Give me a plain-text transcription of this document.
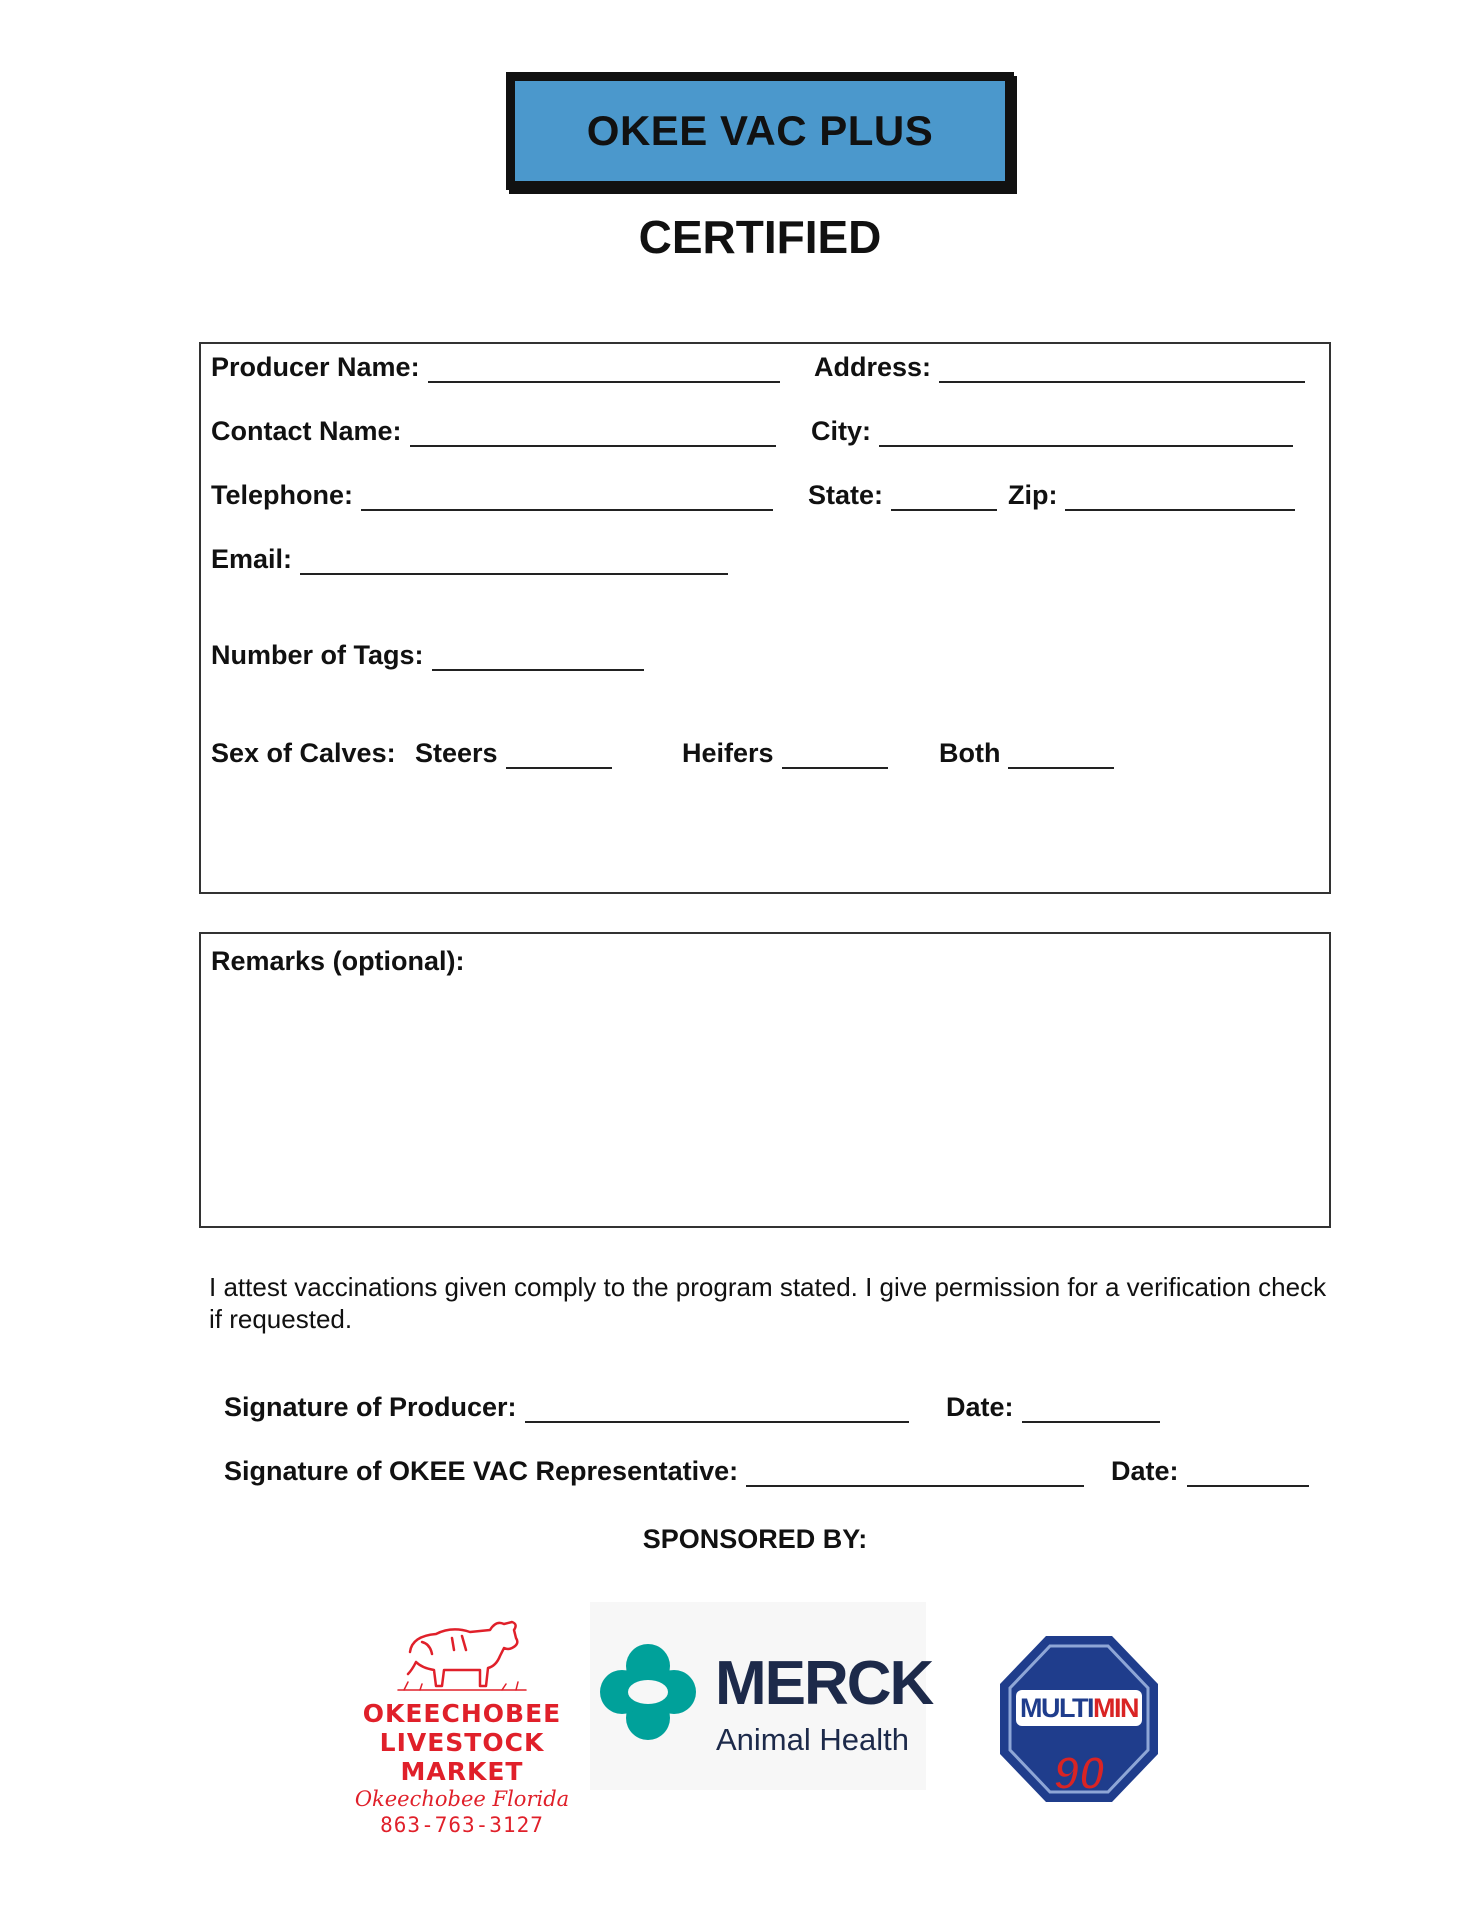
OKEE VAC PLUS
CERTIFIED
Producer Name:	Address:
Contact Name:	City:
Telephone:	State:	Zip:
Email:
Number of Tags:
Sex of Calves: Steers	Heifers	Both
Remarks (optional):
I attest vaccinations given comply to the program stated. I give permission for a verification check if requested.
Signature of Producer:	Date:
Signature of OKEE VAC Representative:	Date:
SPONSORED BY:
OKEECHOBEE
LIVESTOCK
MARKET
Okeechobee Florida
863-763-3127
MERCK
Animal Health
MULTIMIN
90
